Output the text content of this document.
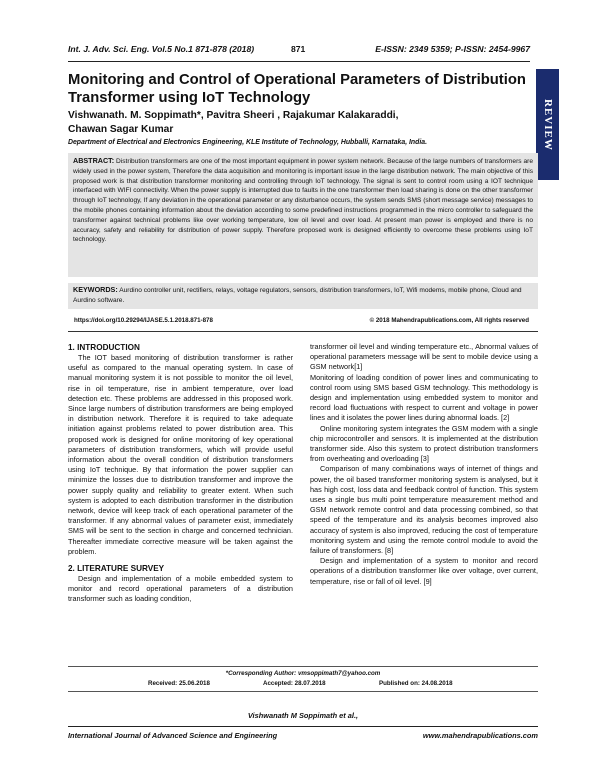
Int. J. Adv. Sci. Eng. Vol.5 No.1 871-878 (2018)	871	E-ISSN: 2349 5359; P-ISSN: 2454-9967
REVIEW ARTICLE
Monitoring and Control of Operational Parameters of Distribution Transformer using IoT Technology
Vishwanath. M. Soppimath*, Pavitra Sheeri , Rajakumar Kalakaraddi,
Chawan Sagar Kumar
Department of Electrical and Electronics Engineering, KLE Institute of Technology, Hubballi, Karnataka, India.
ABSTRACT: Distribution transformers are one of the most important equipment in power system network. Because of the large numbers of transformers are widely used in the power system, Therefore the data acquisition and monitoring is important issue in the large distribution network. The main objective of this proposed work is that distribution transformer monitoring and controlling through IoT technology. The signal is sent to control room using a IOT technique interfaced with WIFI connectivity. When the power supply is interrupted due to faults in the one transformer then load sharing is done on the other transformer through IoT technology, If any deviation in the operational parameter or any disturbance occurs, the system sends SMS (short message service) messages to the mobile phones containing information about the deviation according to some predefined instructions programmed in the micro controller to safeguard the transformer against technical problems like over working temperature, low oil level and over load. At present man power is employed and there is no accuracy, safety and reliability for distribution of power supply. Therefore proposed work is designed efficiently to overcome these problems using IoT technology.
KEYWORDS: Aurdino controller unit, rectifiers, relays, voltage regulators, sensors, distribution transformers, IoT, Wifi modems, mobile phone, Cloud and Aurdino software.
https://doi.org/10.29294/IJASE.5.1.2018.871-878	© 2018 Mahendrapublications.com, All rights reserved
1. INTRODUCTION

The IOT based monitoring of distribution transformer is rather useful as compared to the manual operating system. In case of manual monitoring system it is not possible to monitor the oil level, rise in oil temperature, rise in ambient temperature, over load detection etc. These problems are addressed in this proposed work. Since large numbers of distribution transformers are being employed in distribution network. Therefore it is required to take adequate initiation against problems related to power distribution area. This proposed work is designed for online monitoring of key operational parameters of distribution transformers, which will provide useful information about the overall condition of distribution transformers using IoT technique. By that information the power supplier can minimize the losses due to distribution transformer and improve the power supply quality and reliability to greater extent. When such system is adopted to each distribution transformer in the distribution network, device will keep track of each operational parameter of the transformer. If any abnormal values of parameter exist, immediately SMS will be sent to the section in charge and concerned technician. Thereafter immediate corrective measure will be taken against the problem.

2. LITERATURE SURVEY

Design and implementation of a mobile embedded system to monitor and record operational parameters of a distribution transformer such as loading condition,

transformer oil level and winding temperature etc., Abnormal values of operational parameters message will be sent to mobile device using a GSM network[1]

Monitoring of loading condition of power lines and communicating to control room using SMS based GSM technology. This methodology is design and implementation using embedded system to monitor and record load fluctuations with respect to current and voltage in power lines and it isolates the power lines during abnormal loads. [2]

Online monitoring system integrates the GSM modem with a single chip microcontroller and sensors. It is implemented at the distribution transformer side. Also this system to protect distribution transformers from overheating and overloading [3]

Comparison of many combinations ways of internet of things and power, the oil based transformer monitoring system is analysed, but it has high cost, loss data and feedback control of function. This system uses a single bus multi point temperature measurement method and GSM network remote control and data processing combined, so that speed of the temperature and its analysis becomes improved also accuracy of system is also improved, reducing the cost of temperature monitoring system and using the remote control module to avoid the failure of transformers. [8]

Design and implementation of a system to monitor and record operations of a distribution transformer like over voltage, over current, temperature, rise or fall of oil level. [9]

*Corresponding Author: vmsoppimath7@yahoo.com
Received: 25.06.2018	Accepted: 28.07.2018	Published on: 24.08.2018
Vishwanath M Soppimath et al.,
International Journal of Advanced Science and Engineering	www.mahendrapublications.com
